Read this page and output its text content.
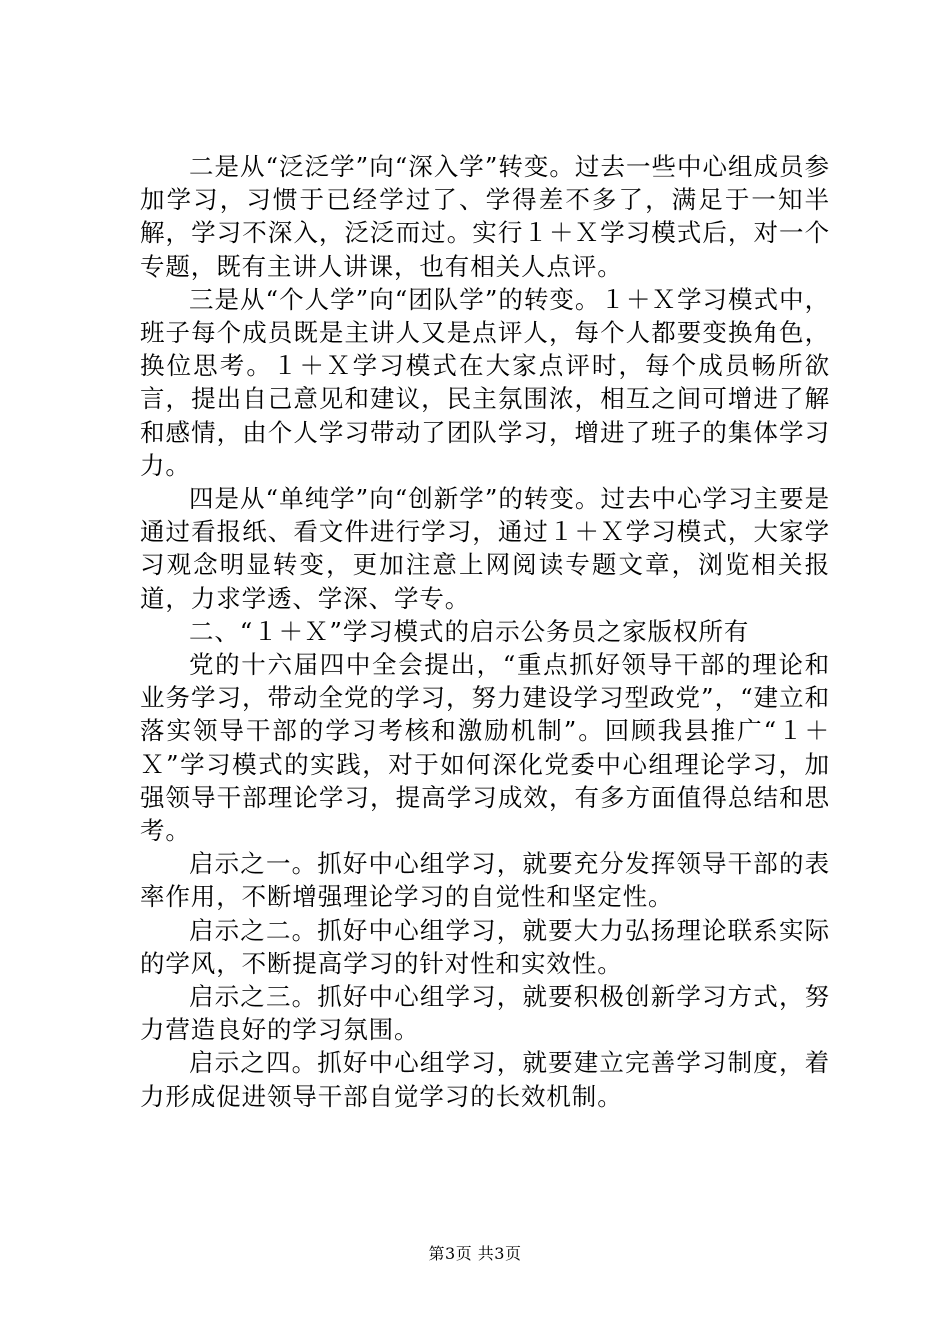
二是从“泛泛学”向“深入学”转变。过去一些中心组成员参加学习，习惯于已经学过了、学得差不多了，满足于一知半解，学习不深入，泛泛而过。实行１＋Ｘ学习模式后，对一个专题，既有主讲人讲课，也有相关人点评。

三是从“个人学”向“团队学”的转变。１＋Ｘ学习模式中，班子每个成员既是主讲人又是点评人，每个人都要变换角色，换位思考。１＋Ｘ学习模式在大家点评时，每个成员畅所欲言，提出自己意见和建议，民主氛围浓，相互之间可增进了解和感情，由个人学习带动了团队学习，增进了班子的集体学习力。

四是从“单纯学”向“创新学”的转变。过去中心学习主要是通过看报纸、看文件进行学习，通过１＋Ｘ学习模式，大家学习观念明显转变，更加注意上网阅读专题文章，浏览相关报道，力求学透、学深、学专。

二、“１＋Ｘ”学习模式的启示公务员之家版权所有

党的十六届四中全会提出，“重点抓好领导干部的理论和业务学习，带动全党的学习，努力建设学习型政党”，“建立和落实领导干部的学习考核和激励机制”。回顾我县推广“１＋Ｘ”学习模式的实践，对于如何深化党委中心组理论学习，加强领导干部理论学习，提高学习成效，有多方面值得总结和思考。

启示之一。抓好中心组学习，就要充分发挥领导干部的表率作用，不断增强理论学习的自觉性和坚定性。

启示之二。抓好中心组学习，就要大力弘扬理论联系实际的学风，不断提高学习的针对性和实效性。

启示之三。抓好中心组学习，就要积极创新学习方式，努力营造良好的学习氛围。

启示之四。抓好中心组学习，就要建立完善学习制度，着力形成促进领导干部自觉学习的长效机制。

第3页 共3页
